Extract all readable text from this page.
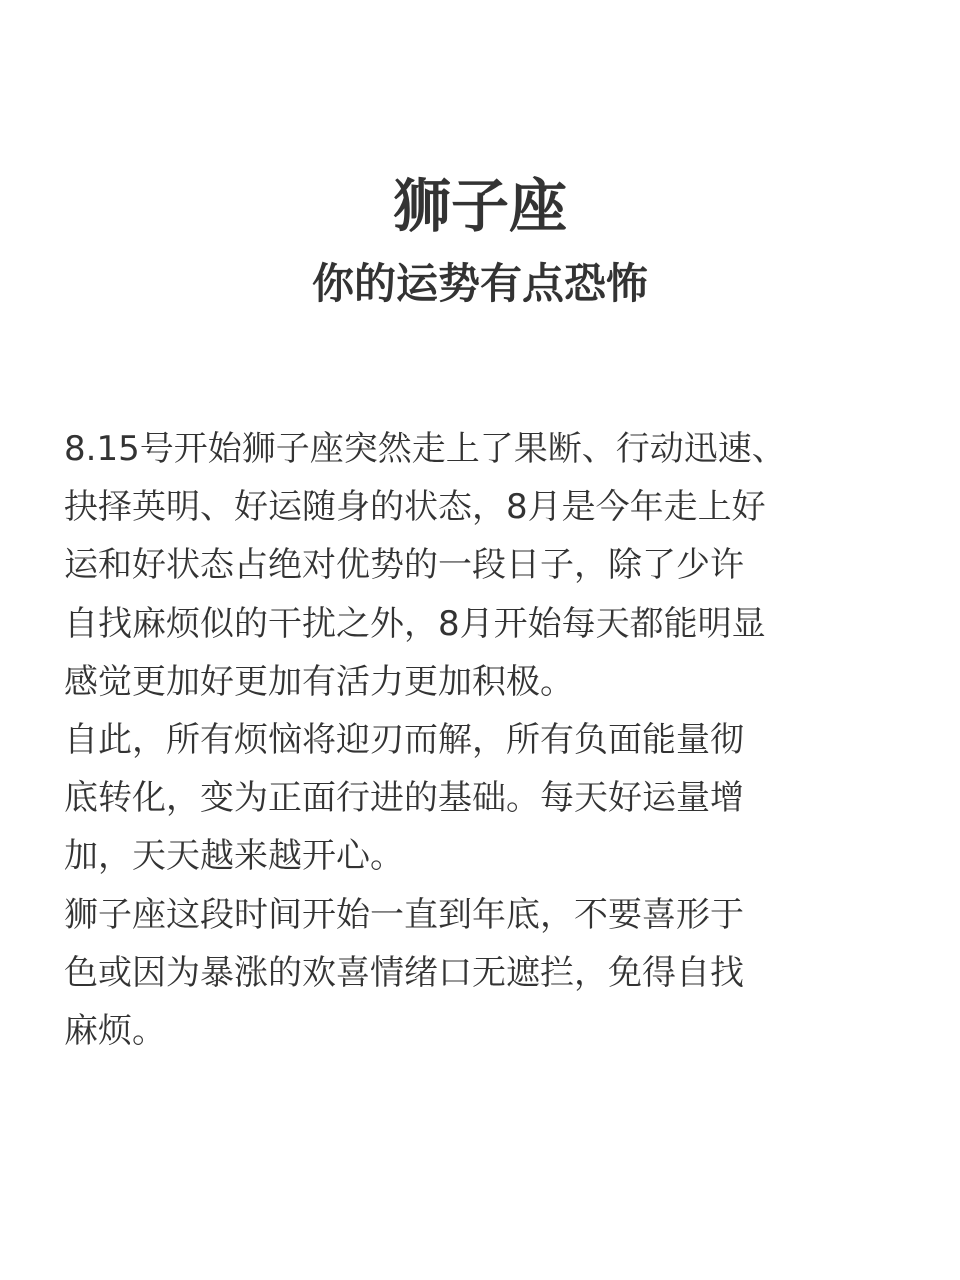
狮子座
你的运势有点恐怖

8.15号开始狮子座突然走上了果断、行动迅速、
抉择英明、好运随身的状态，8月是今年走上好
运和好状态占绝对优势的一段日子，除了少许
自找麻烦似的干扰之外，8月开始每天都能明显
感觉更加好更加有活力更加积极。

自此，所有烦恼将迎刃而解，所有负面能量彻
底转化，变为正面行进的基础。每天好运量增
加，天天越来越开心。

狮子座这段时间开始一直到年底，不要喜形于
色或因为暴涨的欢喜情绪口无遮拦，免得自找
麻烦。
